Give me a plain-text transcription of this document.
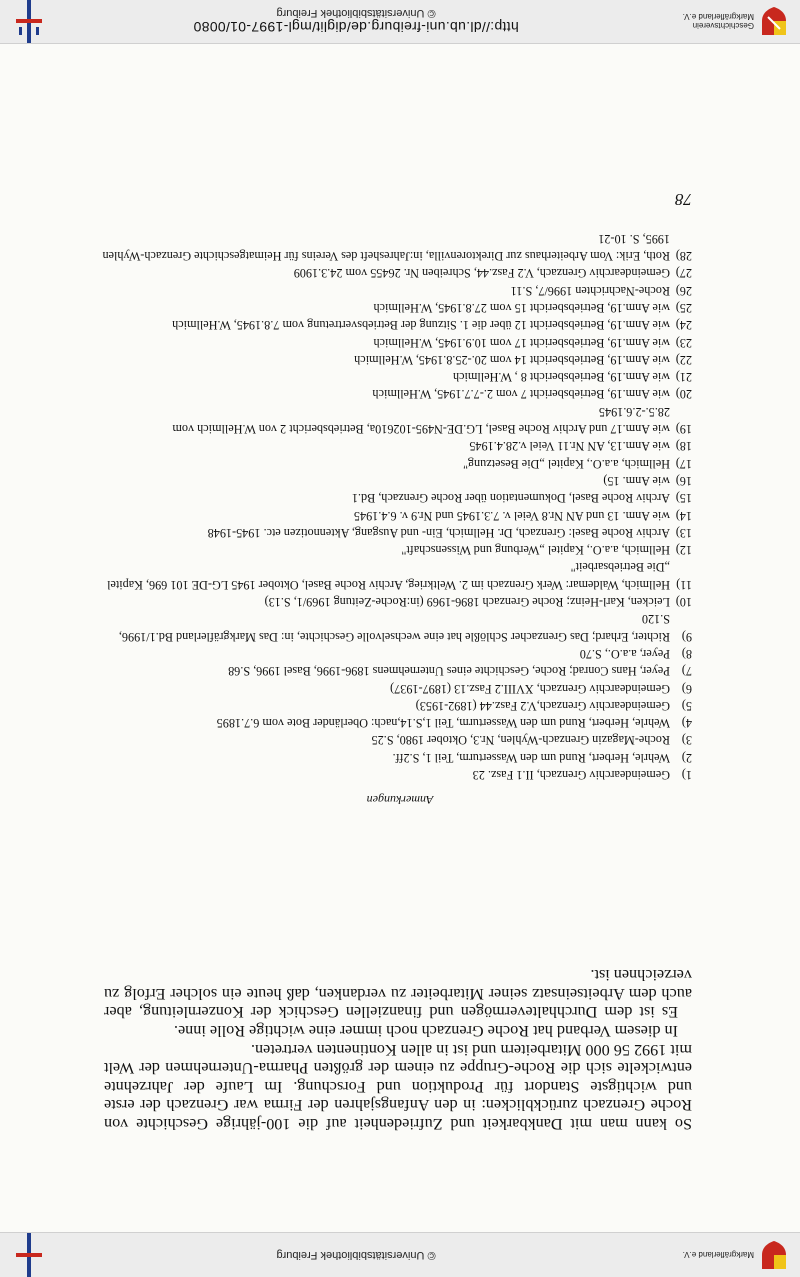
Markgräflerland e.V.
© Universitätsbibliothek Freiburg

So kann man mit Dankbarkeit und Zufriedenheit auf die 100-jährige Geschichte von Roche Grenzach zurückblicken: in den Anfangsjahren der Firma war Grenzach der erste und wichtigste Standort für Produktion und Forschung. Im Laufe der Jahrzehnte entwickelte sich die Roche-Gruppe zu einem der größten Pharma-Unternehmen der Welt mit 1992 56 000 Mitarbeitern und ist in allen Kontinenten vertreten.

In diesem Verband hat Roche Grenzach noch immer eine wichtige Rolle inne.

Es ist dem Durchhaltevermögen und finanziellen Geschick der Konzernleitung, aber auch dem Arbeitseinsatz seiner Mitarbeiter zu verdanken, daß heute ein solcher Erfolg zu verzeichnen ist.

Anmerkungen
1)
Gemeindearchiv Grenzach, II.1 Fasz. 23
2)
Wehrle, Herbert, Rund um den Wasserturm, Teil 1, S.2ff.
3)
Roche-Magazin Grenzach-Wyhlen, Nr.3, Oktober 1980, S.25
4)
Wehrle, Herbert, Rund um den Wasserturm, Teil 1,S.14,nach: Oberländer Bote vom 6.7.1895
5)
Gemeindearchiv Grenzach,V.2 Fasz.44 (1892-1953)
6)
Gemeindearchiv Grenzach, XVIII.2 Fasz.13 (1897-1937)
7)
Peyer, Hans Conrad; Roche, Geschichte eines Unternehmens 1896-1996, Basel 1996, S.68
8)
Peyer, a.a.O., S.70
9)
Richter, Erhard; Das Grenzacher Schlößle hat eine wechselvolle Geschichte, in: Das Markgräflerland Bd.1/1996, S.120
10)
Leicken, Karl-Heinz; Roche Grenzach 1896-1969 (in:Roche-Zeitung 1969/1, S.13)
11)
Hellmich, Waldemar: Werk Grenzach im 2. Weltkrieg, Archiv Roche Basel, Oktober 1945 LG-DE 101 696, Kapitel „Die Betriebsarbeit"
12)
Hellmich, a.a.O., Kapitel „Werbung und Wissenschaft"
13)
Archiv Roche Basel: Grenzach, Dr. Hellmich, Ein- und Ausgang, Aktennotizen etc. 1945-1948
14)
wie Anm. 13 und AN Nr.8 Veiel v. 7.3.1945 und Nr.9 v. 6.4.1945
15)
Archiv Roche Basel, Dokumentation über Roche Grenzach, Bd.1
16)
wie Anm. 15)
17)
Hellmich, a.a.O., Kapitel „Die Besetzung"
18)
wie Anm.13, AN Nr.11 Veiel v.28.4.1945
19)
wie Anm.17 und Archiv Roche Basel, LG.DE-N495-102610a, Betriebsbericht 2 von W.Hellmich vom 28.5.-2.6.1945
20)
wie Anm.19, Betriebsbericht 7 vom 2.-7.7.1945, W.Hellmich
21)
wie Anm.19, Betriebsbericht 8 , W.Hellmich
22)
wie Anm.19, Betriebsbericht 14 vom 20.-25.8.1945, W.Hellmich
23)
wie Anm.19, Betriebsbericht 17 vom 10.9.1945, W.Hellmich
24)
wie Anm.19, Betriebsbericht 12 über die 1. Sitzung der Betriebsvertretung vom 7.8.1945, W.Hellmich
25)
wie Anm.19, Betriebsbericht 15 vom 27.8.1945, W.Hellmich
26)
Roche-Nachrichten 1996/7, S.11
27)
Gemeindearchiv Grenzach, V.2 Fasz.44, Schreiben Nr. 26455 vom 24.3.1909
28)
Roth, Erik: Vom Arbeiterhaus zur Direktorenvilla, in:Jahresheft des Vereins für Heimatgeschichte Grenzach-Wyhlen 1995, S. 10-21
78
Geschichtsverein Markgräflerland e.V.
http://dl.ub.uni-freiburg.de/diglit/mgl-1997-01/0080
© Universitätsbibliothek Freiburg
